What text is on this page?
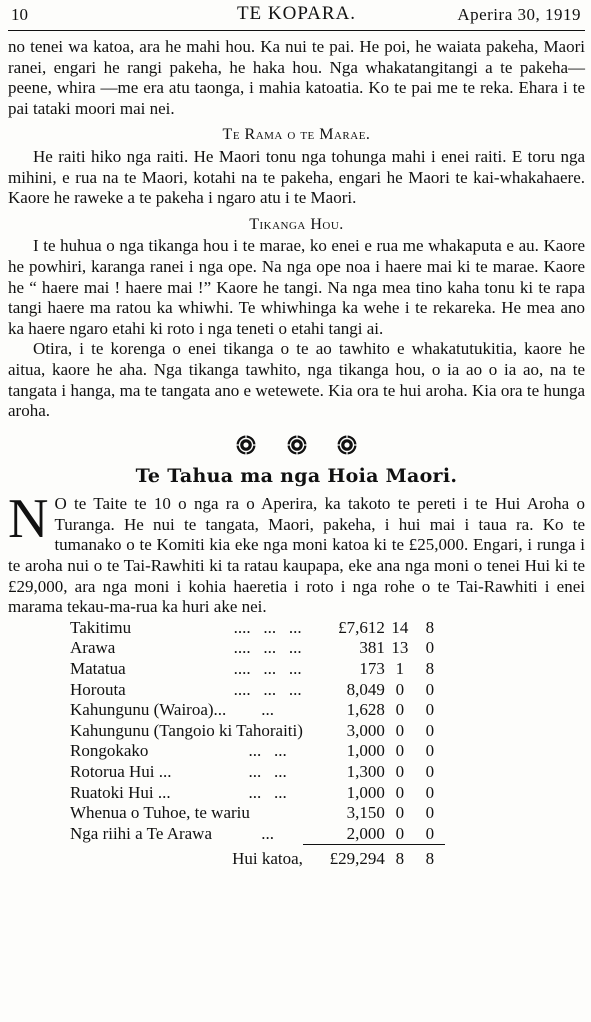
10	TE KOPARA.	Aperira 30, 1919

no tenei wa katoa, ara he mahi hou. Ka nui te pai. He poi, he waiata pakeha, Maori ranei, engari he rangi pakeha, he haka hou. Nga whakatangitangi a te pakeha—peene, whira —me era atu taonga, i mahia katoatia. Ko te pai me te reka. Ehara i te pai tataki moori mai nei.

Te Rama o te Marae.

He raiti hiko nga raiti. He Maori tonu nga tohunga mahi i enei raiti. E toru nga mihini, e rua na te Maori, kotahi na te pakeha, engari he Maori te kai-whakahaere. Kaore he raweke a te pakeha i ngaro atu i te Maori.

Tikanga Hou.

I te huhua o nga tikanga hou i te marae, ko enei e rua me whakaputa e au. Kaore he powhiri, karanga ranei i nga ope. Na nga ope noa i haere mai ki te marae. Kaore he “ haere mai ! haere mai !” Kaore he tangi. Na nga mea tino kaha tonu ki te rapa tangi haere ma ratou ka whiwhi. Te whiwhinga ka wehe i te rekareka. He mea ano ka haere ngaro etahi ki roto i nga teneti o etahi tangi ai.

Otira, i te korenga o enei tikanga o te ao tawhito e whakatutukitia, kaore he aitua, kaore he aha. Nga tikanga tawhito, nga tikanga hou, o ia ao o ia ao, na te tangata i hanga, ma te tangata ano e wetewete. Kia ora te hui aroha. Kia ora te hunga aroha.

Te Tahua ma nga Hoia Maori.

N O te Taite te 10 o nga ra o Aperira, ka takoto te pereti i te Hui Aroha o Turanga. He nui te tangata, Maori, pakeha, i hui mai i taua ra. Ko te tumanako o te Komiti kia eke nga moni katoa ki te £25,000. Engari, i runga i te aroha nui o te Tai-Rawhiti ki ta ratau kaupapa, eke ana nga moni o tenei Hui ki te £29,000, ara nga moni i kohia haeretia i roto i nga rohe o te Tai-Rawhiti i enei marama tekau-ma-rua ka huri ake nei.

Takitimu	....   ...   ...	£7,612	14	8
Arawa	....   ...   ...	381	13	0
Matatua	....   ...   ...	173	1	8
Horouta	....   ...   ...	8,049	0	0
Kahungunu (Wairoa)...	...	1,628	0	0
Kahungunu (Tangoio ki Tahoraiti)		3,000	0	0
Rongokako	...   ...	1,000	0	0
Rotorua Hui ...	...   ...	1,300	0	0
Ruatoki Hui ...	...   ...	1,000	0	0
Whenua o Tuhoe, te wariu		3,150	0	0
Nga riihi a Te Arawa	...	2,000	0	0

Hui katoa,		£29,294	8	8
